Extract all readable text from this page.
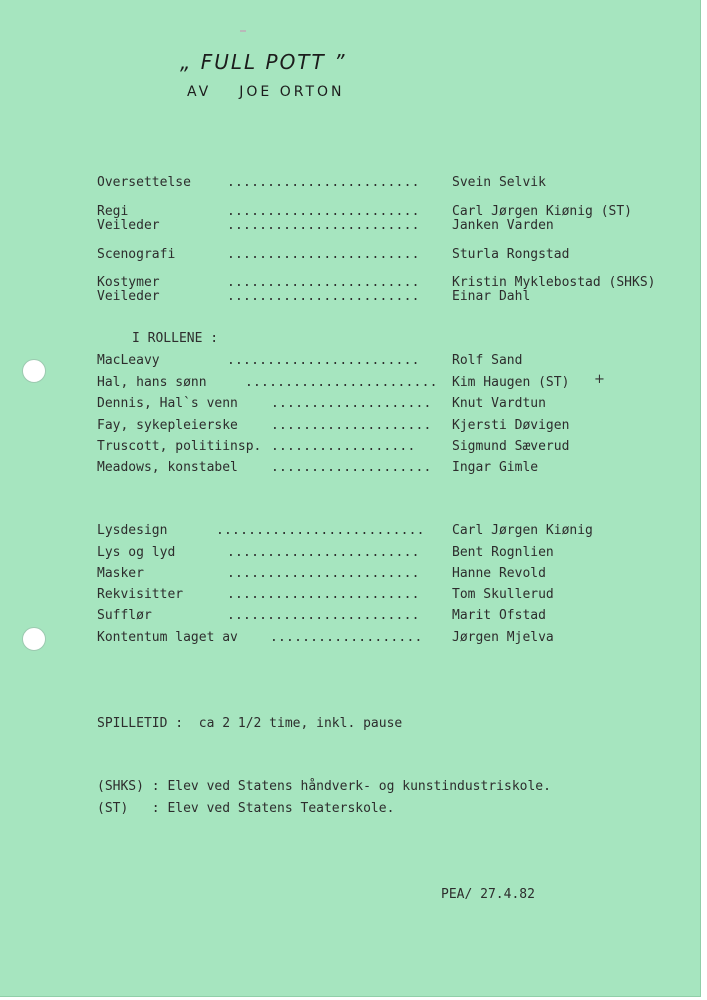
„ FULL POTT ”
AV JOE ORTON
Oversettelse	........................ Svein Selvik
Regi	........................ Carl Jørgen Kiønig (ST)
Veileder	........................ Janken Varden
Scenografi	........................ Sturla Rongstad
Kostymer	........................ Kristin Myklebostad (SHKS)
Veileder	........................ Einar Dahl
I ROLLENE :
MacLeavy	........................ Rolf Sand
Hal, hans sønn	........................ Kim Haugen (ST)
Dennis, Hal`s venn	.................... Knut Vardtun
Fay, sykepleierske	.................... Kjersti Døvigen
Truscott, politiinsp. ..................	Sigmund Sæverud
Meadows, konstabel	.................... Ingar Gimle
+
Lysdesign	.......................... Carl Jørgen Kiønig
Lys og lyd	........................ Bent Rognlien
Masker	........................ Hanne Revold
Rekvisitter	........................ Tom Skullerud
Sufflør	........................ Marit Ofstad
Kontentum laget av ................... Jørgen Mjelva
SPILLETID :  ca 2 1/2 time, inkl. pause
(SHKS) : Elev ved Statens håndverk- og kunstindustriskole.
(ST)   : Elev ved Statens Teaterskole.
PEA/ 27.4.82
